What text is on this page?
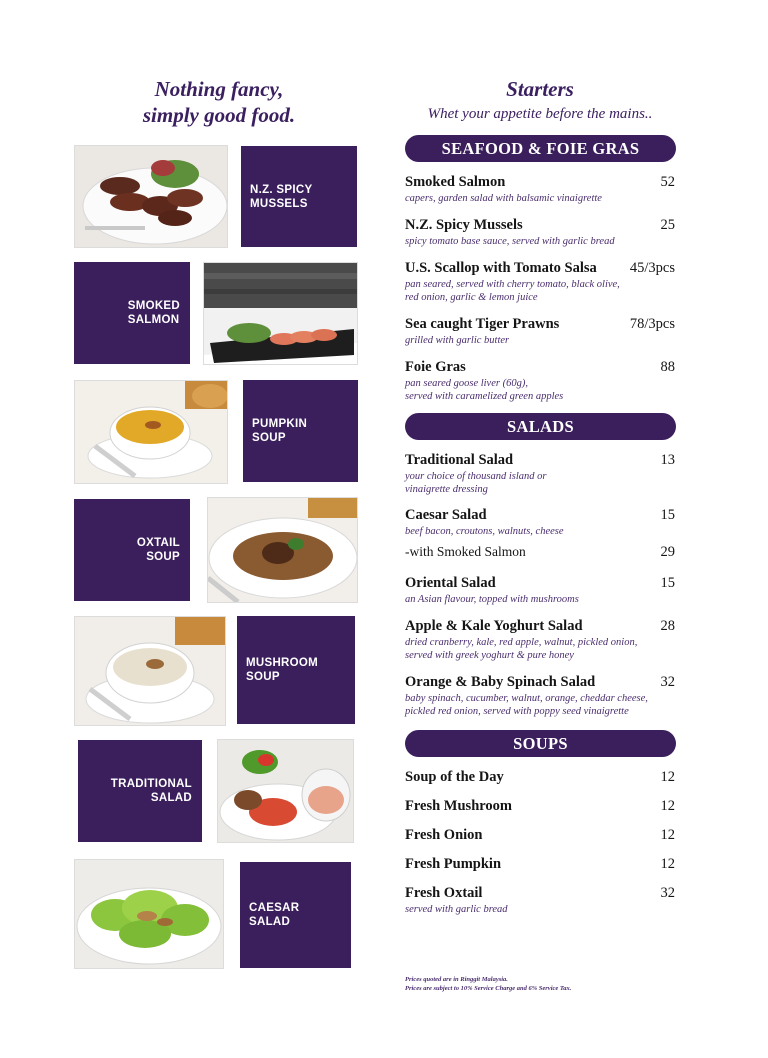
Nothing fancy,
simply good food.
Starters
Whet your appetite before the mains..
N.Z. SPICY
MUSSELS
SMOKED
SALMON
PUMPKIN
SOUP
OXTAIL
SOUP
MUSHROOM
SOUP
TRADITIONAL
SALAD
CAESAR
SALAD
SEAFOOD & FOIE GRAS
Smoked Salmon	52
capers, garden salad with balsamic vinaigrette
N.Z. Spicy Mussels	25
spicy tomato base sauce, served with garlic bread
U.S. Scallop with Tomato Salsa 45/3pcs
pan seared, served with cherry tomato, black olive,
red onion, garlic & lemon juice
Sea caught Tiger Prawns	78/3pcs
grilled with garlic butter
Foie Gras	88
pan seared goose liver (60g),
served with caramelized green apples
SALADS
Traditional Salad	13
your choice of thousand island or
vinaigrette dressing
Caesar Salad	15
beef bacon, croutons, walnuts, cheese
-with Smoked Salmon	29
Oriental Salad	15
an Asian flavour, topped with mushrooms
Apple & Kale Yoghurt Salad	28
dried cranberry, kale, red apple, walnut, pickled onion,
served with greek yoghurt & pure honey
Orange & Baby Spinach Salad	32
baby spinach, cucumber, walnut, orange, cheddar cheese,
pickled red onion, served with poppy seed vinaigrette
SOUPS
Soup of the Day	12
Fresh Mushroom	12
Fresh Onion	12
Fresh Pumpkin	12
Fresh Oxtail	32
served with garlic bread
Prices quoted are in Ringgit Malaysia.
Prices are subject to 10% Service Charge and 6% Service Tax.
